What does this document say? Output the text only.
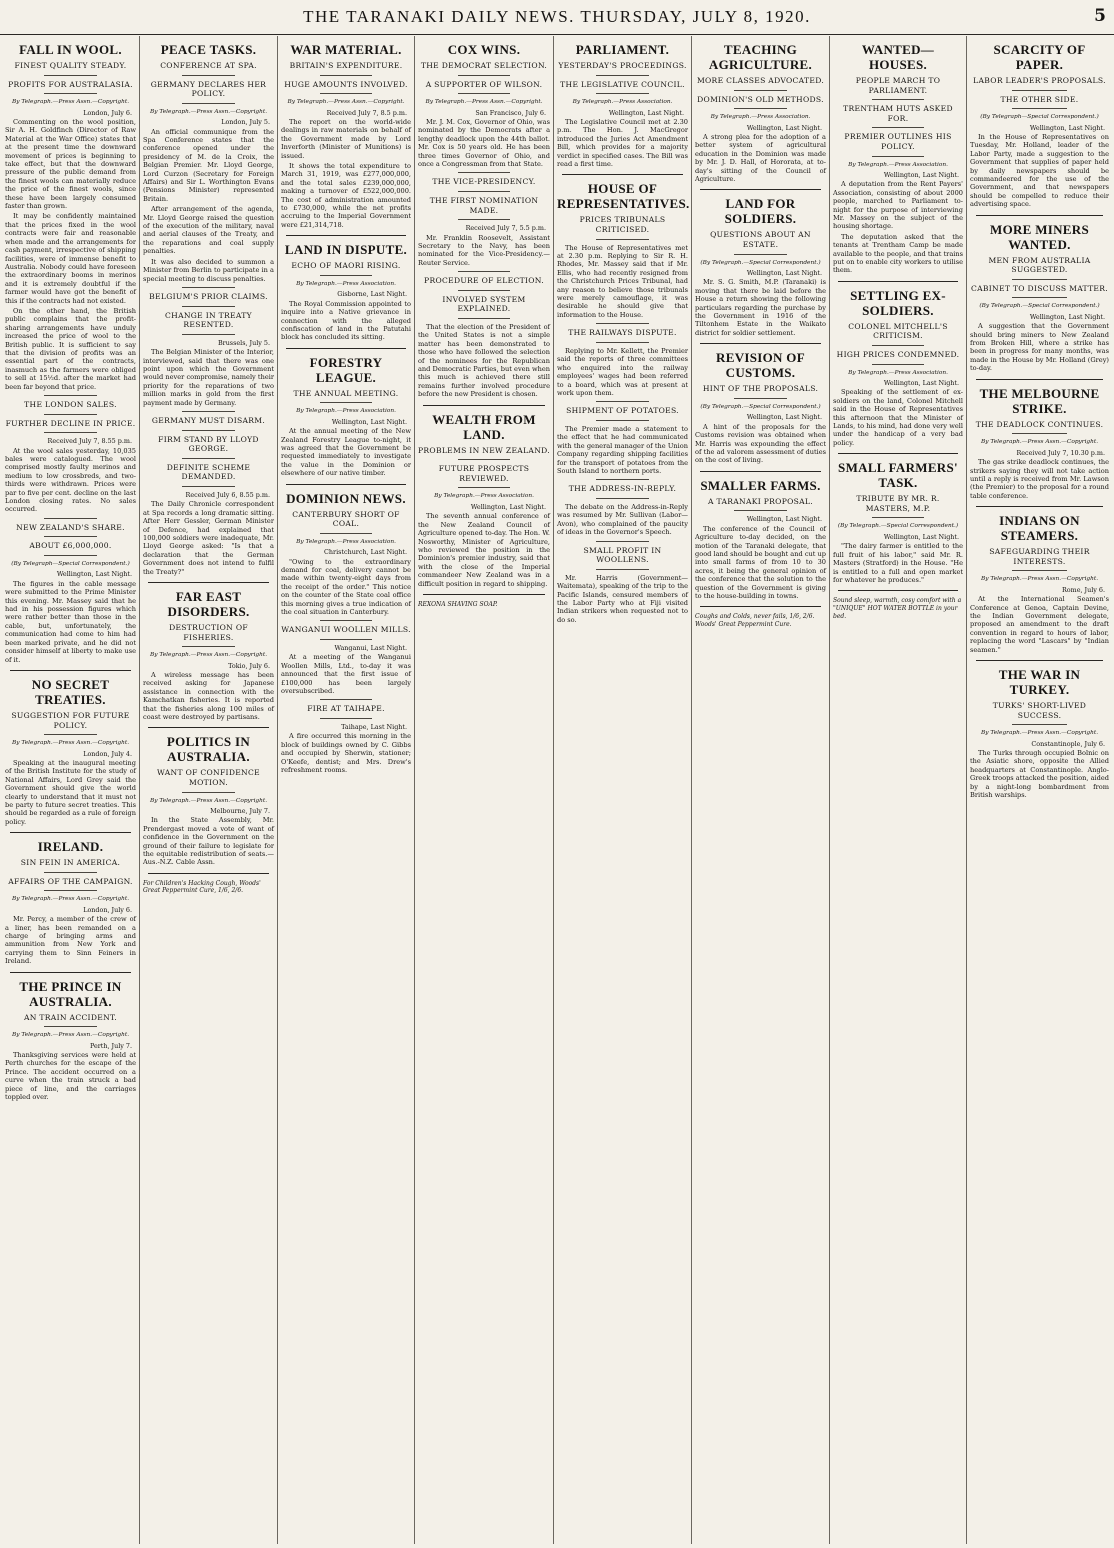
THE TARANAKI DAILY NEWS. THURSDAY, JULY 8, 1920.	5
FALL IN WOOL.
FINEST QUALITY STEADY.
PROFITS FOR AUSTRALASIA.
By Telegraph.—Press Assn.—Copyright.
London, July 6.

Commenting on the wool position, Sir A. H. Goldfinch (Director of Raw Material at the War Office) states that at the present time the downward movement of prices is beginning to take effect, but that the downward pressure of the public demand from the finest wools can materially reduce the price of the finest wools, since these have been largely consumed faster than grown.

It may be confidently maintained that the prices fixed in the wool contracts were fair and reasonable when made and the arrangements for cash payment, irrespective of shipping facilities, were of immense benefit to Australia. Nobody could have foreseen the extraordinary booms in merinos and it is extremely doubtful if the farmer would have got the benefit of this if the contracts had not existed.

On the other hand, the British public complains that the profit-sharing arrangements have unduly increased the price of wool to the British public. It is sufficient to say that the division of profits was an essential part of the contracts, inasmuch as the farmers were obliged to sell at 15½d. after the market had been far beyond that price.

THE LONDON SALES.
FURTHER DECLINE IN PRICE.
Received July 7, 8.55 p.m.

At the wool sales yesterday, 10,035 bales were catalogued. The wool comprised mostly faulty merinos and medium to low crossbreds, and two-thirds were withdrawn. Prices were par to five per cent. decline on the last London closing rates. No sales occurred.

NEW ZEALAND'S SHARE.
ABOUT £6,000,000.
(By Telegraph—Special Correspondent.)
Wellington, Last Night.

The figures in the cable message were submitted to the Prime Minister this evening. Mr. Massey said that he had in his possession figures which were rather better than those in the cable, but, unfortunately, the communication had come to him had been marked private, and he did not consider himself at liberty to make use of it.

NO SECRET TREATIES.
SUGGESTION FOR FUTURE POLICY.
By Telegraph.—Press Assn.—Copyright.
London, July 4.

Speaking at the inaugural meeting of the British Institute for the study of National Affairs, Lord Grey said the Government should give the world clearly to understand that it must not be party to future secret treaties. This should be regarded as a rule of foreign policy.

IRELAND.
SIN FEIN IN AMERICA.
AFFAIRS OF THE CAMPAIGN.
By Telegraph.—Press Assn.—Copyright.
London, July 6.

Mr. Percy, a member of the crew of a liner, has been remanded on a charge of bringing arms and ammunition from New York and carrying them to Sinn Feiners in Ireland.

THE PRINCE IN AUSTRALIA.
AN TRAIN ACCIDENT.
By Telegraph.—Press Assn.—Copyright.
Perth, July 7.

Thanksgiving services were held at Perth churches for the escape of the Prince. The accident occurred on a curve when the train struck a bad piece of line, and the carriages toppled over.

PEACE TASKS.
CONFERENCE AT SPA.
GERMANY DECLARES HER POLICY.
By Telegraph.—Press Assn.—Copyright.
London, July 5.

An official communique from the Spa Conference states that the conference opened under the presidency of M. de la Croix, the Belgian Premier. Mr. Lloyd George, Lord Curzon (Secretary for Foreign Affairs) and Sir L. Worthington Evans (Pensions Minister) represented Britain.

After arrangement of the agenda, Mr. Lloyd George raised the question of the execution of the military, naval and aerial clauses of the Treaty, and the reparations and coal supply penalties.

It was also decided to summon a Minister from Berlin to participate in a special meeting to discuss penalties.

BELGIUM'S PRIOR CLAIMS.
CHANGE IN TREATY RESENTED.
Brussels, July 5.

The Belgian Minister of the Interior, interviewed, said that there was one point upon which the Government would never compromise, namely their priority for the reparations of two million marks in gold from the first payment made by Germany.

GERMANY MUST DISARM.
FIRM STAND BY LLOYD GEORGE.
DEFINITE SCHEME DEMANDED.
Received July 6, 8.55 p.m.

The Daily Chronicle correspondent at Spa records a long dramatic sitting. After Herr Gessler, German Minister of Defence, had explained that 100,000 soldiers were inadequate, Mr. Lloyd George asked: "Is that a declaration that the German Government does not intend to fulfil the Treaty?"

FAR EAST DISORDERS.
DESTRUCTION OF FISHERIES.
By Telegraph.—Press Assn.—Copyright.
Tokio, July 6.

A wireless message has been received asking for Japanese assistance in connection with the Kamchatkan fisheries. It is reported that the fisheries along 100 miles of coast were destroyed by partisans.

POLITICS IN AUSTRALIA.
WANT OF CONFIDENCE MOTION.
By Telegraph.—Press Assn.—Copyright.
Melbourne, July 7.

In the State Assembly, Mr. Prendergast moved a vote of want of confidence in the Government on the ground of their failure to legislate for the equitable redistribution of seats.—Aus.-N.Z. Cable Assn.

For Children's Hacking Cough, Woods' Great Peppermint Cure, 1/6, 2/6.
WAR MATERIAL.
BRITAIN'S EXPENDITURE.
HUGE AMOUNTS INVOLVED.
By Telegraph.—Press Assn.—Copyright.
Received July 7, 8.5 p.m.

The report on the world-wide dealings in raw materials on behalf of the Government made by Lord Inverforth (Minister of Munitions) is issued.

It shows the total expenditure to March 31, 1919, was £277,000,000, and the total sales £239,000,000, making a turnover of £522,000,000. The cost of administration amounted to £730,000, while the net profits accruing to the Imperial Government were £21,314,718.

LAND IN DISPUTE.
ECHO OF MAORI RISING.
By Telegraph.—Press Association.
Gisborne, Last Night.

The Royal Commission appointed to inquire into a Native grievance in connection with the alleged confiscation of land in the Patutahi block has concluded its sitting.

FORESTRY LEAGUE.
THE ANNUAL MEETING.
By Telegraph.—Press Association.
Wellington, Last Night.

At the annual meeting of the New Zealand Forestry League to-night, it was agreed that the Government be requested immediately to investigate the value in the Dominion or elsewhere of our native timber.

DOMINION NEWS.
CANTERBURY SHORT OF COAL.
By Telegraph.—Press Association.
Christchurch, Last Night.

"Owing to the extraordinary demand for coal, delivery cannot be made within twenty-eight days from the receipt of the order." This notice on the counter of the State coal office this morning gives a true indication of the coal situation in Canterbury.

WANGANUI WOOLLEN MILLS.
Wanganui, Last Night.

At a meeting of the Wanganui Woollen Mills, Ltd., to-day it was announced that the first issue of £100,000 has been largely oversubscribed.

FIRE AT TAIHAPE.
Taihape, Last Night.

A fire occurred this morning in the block of buildings owned by C. Gibbs and occupied by Sherwin, stationer; O'Keefe, dentist; and Mrs. Drew's refreshment rooms.

COX WINS.
THE DEMOCRAT SELECTION.
A SUPPORTER OF WILSON.
By Telegraph.—Press Assn.—Copyright.
San Francisco, July 6.

Mr. J. M. Cox, Governor of Ohio, was nominated by the Democrats after a lengthy deadlock upon the 44th ballot. Mr. Cox is 50 years old. He has been three times Governor of Ohio, and once a Congressman from that State.

THE VICE-PRESIDENCY.
THE FIRST NOMINATION MADE.
Received July 7, 5.5 p.m.

Mr. Franklin Roosevelt, Assistant Secretary to the Navy, has been nominated for the Vice-Presidency.—Reuter Service.

PROCEDURE OF ELECTION.
INVOLVED SYSTEM EXPLAINED.

That the election of the President of the United States is not a simple matter has been demonstrated to those who have followed the selection of the nominees for the Republican and Democratic Parties, but even when this much is achieved there still remains further involved procedure before the new President is chosen.

WEALTH FROM LAND.
PROBLEMS IN NEW ZEALAND.
FUTURE PROSPECTS REVIEWED.
By Telegraph.—Press Association.
Wellington, Last Night.

The seventh annual conference of the New Zealand Council of Agriculture opened to-day. The Hon. W. Nosworthy, Minister of Agriculture, who reviewed the position in the Dominion's premier industry, said that with the close of the Imperial commandeer New Zealand was in a difficult position in regard to shipping.

REXONA SHAVING SOAP.
PARLIAMENT.
YESTERDAY'S PROCEEDINGS.
THE LEGISLATIVE COUNCIL.
By Telegraph.—Press Association.
Wellington, Last Night.

The Legislative Council met at 2.30 p.m. The Hon. J. MacGregor introduced the Juries Act Amendment Bill, which provides for a majority verdict in specified cases. The Bill was read a first time.

HOUSE OF REPRESENTATIVES.
PRICES TRIBUNALS CRITICISED.

The House of Representatives met at 2.30 p.m. Replying to Sir R. H. Rhodes, Mr. Massey said that if Mr. Ellis, who had recently resigned from the Christchurch Prices Tribunal, had any reason to believe those tribunals were merely camouflage, it was desirable he should give that information to the House.

THE RAILWAYS DISPUTE.

Replying to Mr. Kellett, the Premier said the reports of three committees who enquired into the railway employees' wages had been referred to a board, which was at present at work upon them.

SHIPMENT OF POTATOES.

The Premier made a statement to the effect that he had communicated with the general manager of the Union Company regarding shipping facilities for the transport of potatoes from the South Island to northern ports.

THE ADDRESS-IN-REPLY.

The debate on the Address-in-Reply was resumed by Mr. Sullivan (Labor—Avon), who complained of the paucity of ideas in the Governor's Speech.

SMALL PROFIT IN WOOLLENS.

Mr. Harris (Government—Waitemata), speaking of the trip to the Pacific Islands, censured members of the Labor Party who at Fiji visited Indian strikers when requested not to do so.

TEACHING AGRICULTURE.
MORE CLASSES ADVOCATED.
DOMINION'S OLD METHODS.
By Telegraph.—Press Association.
Wellington, Last Night.

A strong plea for the adoption of a better system of agricultural education in the Dominion was made by Mr. J. D. Hall, of Hororata, at to-day's sitting of the Council of Agriculture.

LAND FOR SOLDIERS.
QUESTIONS ABOUT AN ESTATE.
(By Telegraph.—Special Correspondent.)
Wellington, Last Night.

Mr. S. G. Smith, M.P. (Taranaki) is moving that there be laid before the House a return showing the following particulars regarding the purchase by the Government in 1916 of the Tiltonhem Estate in the Waikato district for soldier settlement.

REVISION OF CUSTOMS.
HINT OF THE PROPOSALS.
(By Telegraph.—Special Correspondent.)
Wellington, Last Night.

A hint of the proposals for the Customs revision was obtained when Mr. Harris was expounding the effect of the ad valorem assessment of duties on the cost of living.

SMALLER FARMS.
A TARANAKI PROPOSAL.
Wellington, Last Night.

The conference of the Council of Agriculture to-day decided, on the motion of the Taranaki delegate, that good land should be bought and cut up into small farms of from 10 to 30 acres, it being the general opinion of the conference that the solution to the question of the Government is giving to the house-building in towns.

Coughs and Colds, never fails, 1/6, 2/6. Woods' Great Peppermint Cure.
WANTED—HOUSES.
PEOPLE MARCH TO PARLIAMENT.
TRENTHAM HUTS ASKED FOR.
PREMIER OUTLINES HIS POLICY.
By Telegraph.—Press Association.
Wellington, Last Night.

A deputation from the Rent Payers' Association, consisting of about 2000 people, marched to Parliament to-night for the purpose of interviewing Mr. Massey on the subject of the housing shortage.

The deputation asked that the tenants at Trentham Camp be made available to the people, and that trains put on to enable city workers to utilise them.

SETTLING EX-SOLDIERS.
COLONEL MITCHELL'S CRITICISM.
HIGH PRICES CONDEMNED.
By Telegraph.—Press Association.
Wellington, Last Night.

Speaking of the settlement of ex-soldiers on the land, Colonel Mitchell said in the House of Representatives this afternoon that the Minister of Lands, to his mind, had done very well under the handicap of a very bad policy.

SMALL FARMERS' TASK.
TRIBUTE BY MR. R. MASTERS, M.P.
(By Telegraph.—Special Correspondent.)
Wellington, Last Night.

"The dairy farmer is entitled to the full fruit of his labor," said Mr. R. Masters (Stratford) in the House. "He is entitled to a full and open market for whatever he produces."

Sound sleep, warmth, cosy comfort with a "UNIQUE" HOT WATER BOTTLE in your bed.
SCARCITY OF PAPER.
LABOR LEADER'S PROPOSALS.
THE OTHER SIDE.
(By Telegraph—Special Correspondent.)
Wellington, Last Night.

In the House of Representatives on Tuesday, Mr. Holland, leader of the Labor Party, made a suggestion to the Government that supplies of paper held by daily newspapers should be commandeered for the use of the Government, and that newspapers should be compelled to reduce their advertising space.

MORE MINERS WANTED.
MEN FROM AUSTRALIA SUGGESTED.
CABINET TO DISCUSS MATTER.
(By Telegraph.—Special Correspondent.)
Wellington, Last Night.

A suggestion that the Government should bring miners to New Zealand from Broken Hill, where a strike has been in progress for many months, was made in the House by Mr. Holland (Grey) to-day.

THE MELBOURNE STRIKE.
THE DEADLOCK CONTINUES.
By Telegraph.—Press Assn.—Copyright.
Received July 7, 10.30 p.m.

The gas strike deadlock continues, the strikers saying they will not take action until a reply is received from Mr. Lawson (the Premier) to the proposal for a round table conference.

INDIANS ON STEAMERS.
SAFEGUARDING THEIR INTERESTS.
By Telegraph.—Press Assn.—Copyright.
Rome, July 6.

At the International Seamen's Conference at Genoa, Captain Devine, the Indian Government delegate, proposed an amendment to the draft convention in regard to hours of labor, replacing the word "Lascars" by "Indian seamen."

THE WAR IN TURKEY.
TURKS' SHORT-LIVED SUCCESS.
By Telegraph.—Press Assn.—Copyright.
Constantinople, July 6.

The Turks through occupied Bolnic on the Asiatic shore, opposite the Allied headquarters at Constantinople. Anglo-Greek troops attacked the position, aided by a night-long bombardment from British warships.
